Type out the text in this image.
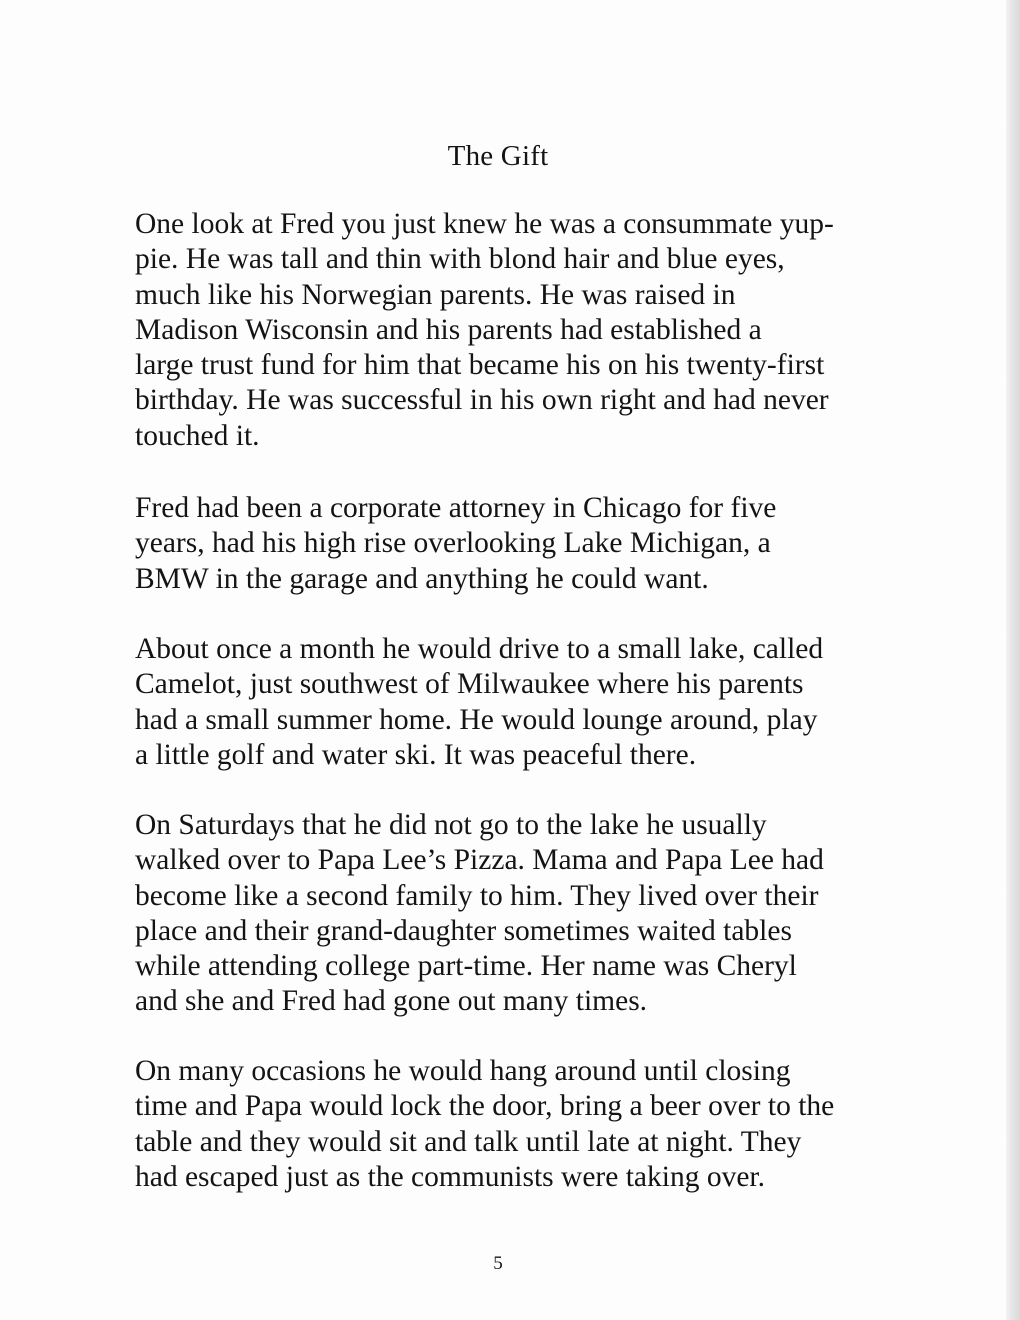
The Gift

One look at Fred you just knew he was a consummate yup-
pie. He was tall and thin with blond hair and blue eyes,
much like his Norwegian parents. He was raised in
Madison Wisconsin and his parents had established a
large trust fund for him that became his on his twenty-first
birthday. He was successful in his own right and had never
touched it.

Fred had been a corporate attorney in Chicago for five
years, had his high rise overlooking Lake Michigan, a
BMW in the garage and anything he could want.

About once a month he would drive to a small lake, called
Camelot, just southwest of Milwaukee where his parents
had a small summer home. He would lounge around, play
a little golf and water ski. It was peaceful there.

On Saturdays that he did not go to the lake he usually
walked over to Papa Lee’s Pizza. Mama and Papa Lee had
become like a second family to him. They lived over their
place and their grand-daughter sometimes waited tables
while attending college part-time. Her name was Cheryl
and she and Fred had gone out many times.

On many occasions he would hang around until closing
time and Papa would lock the door, bring a beer over to the
table and they would sit and talk until late at night. They
had escaped just as the communists were taking over.

5
